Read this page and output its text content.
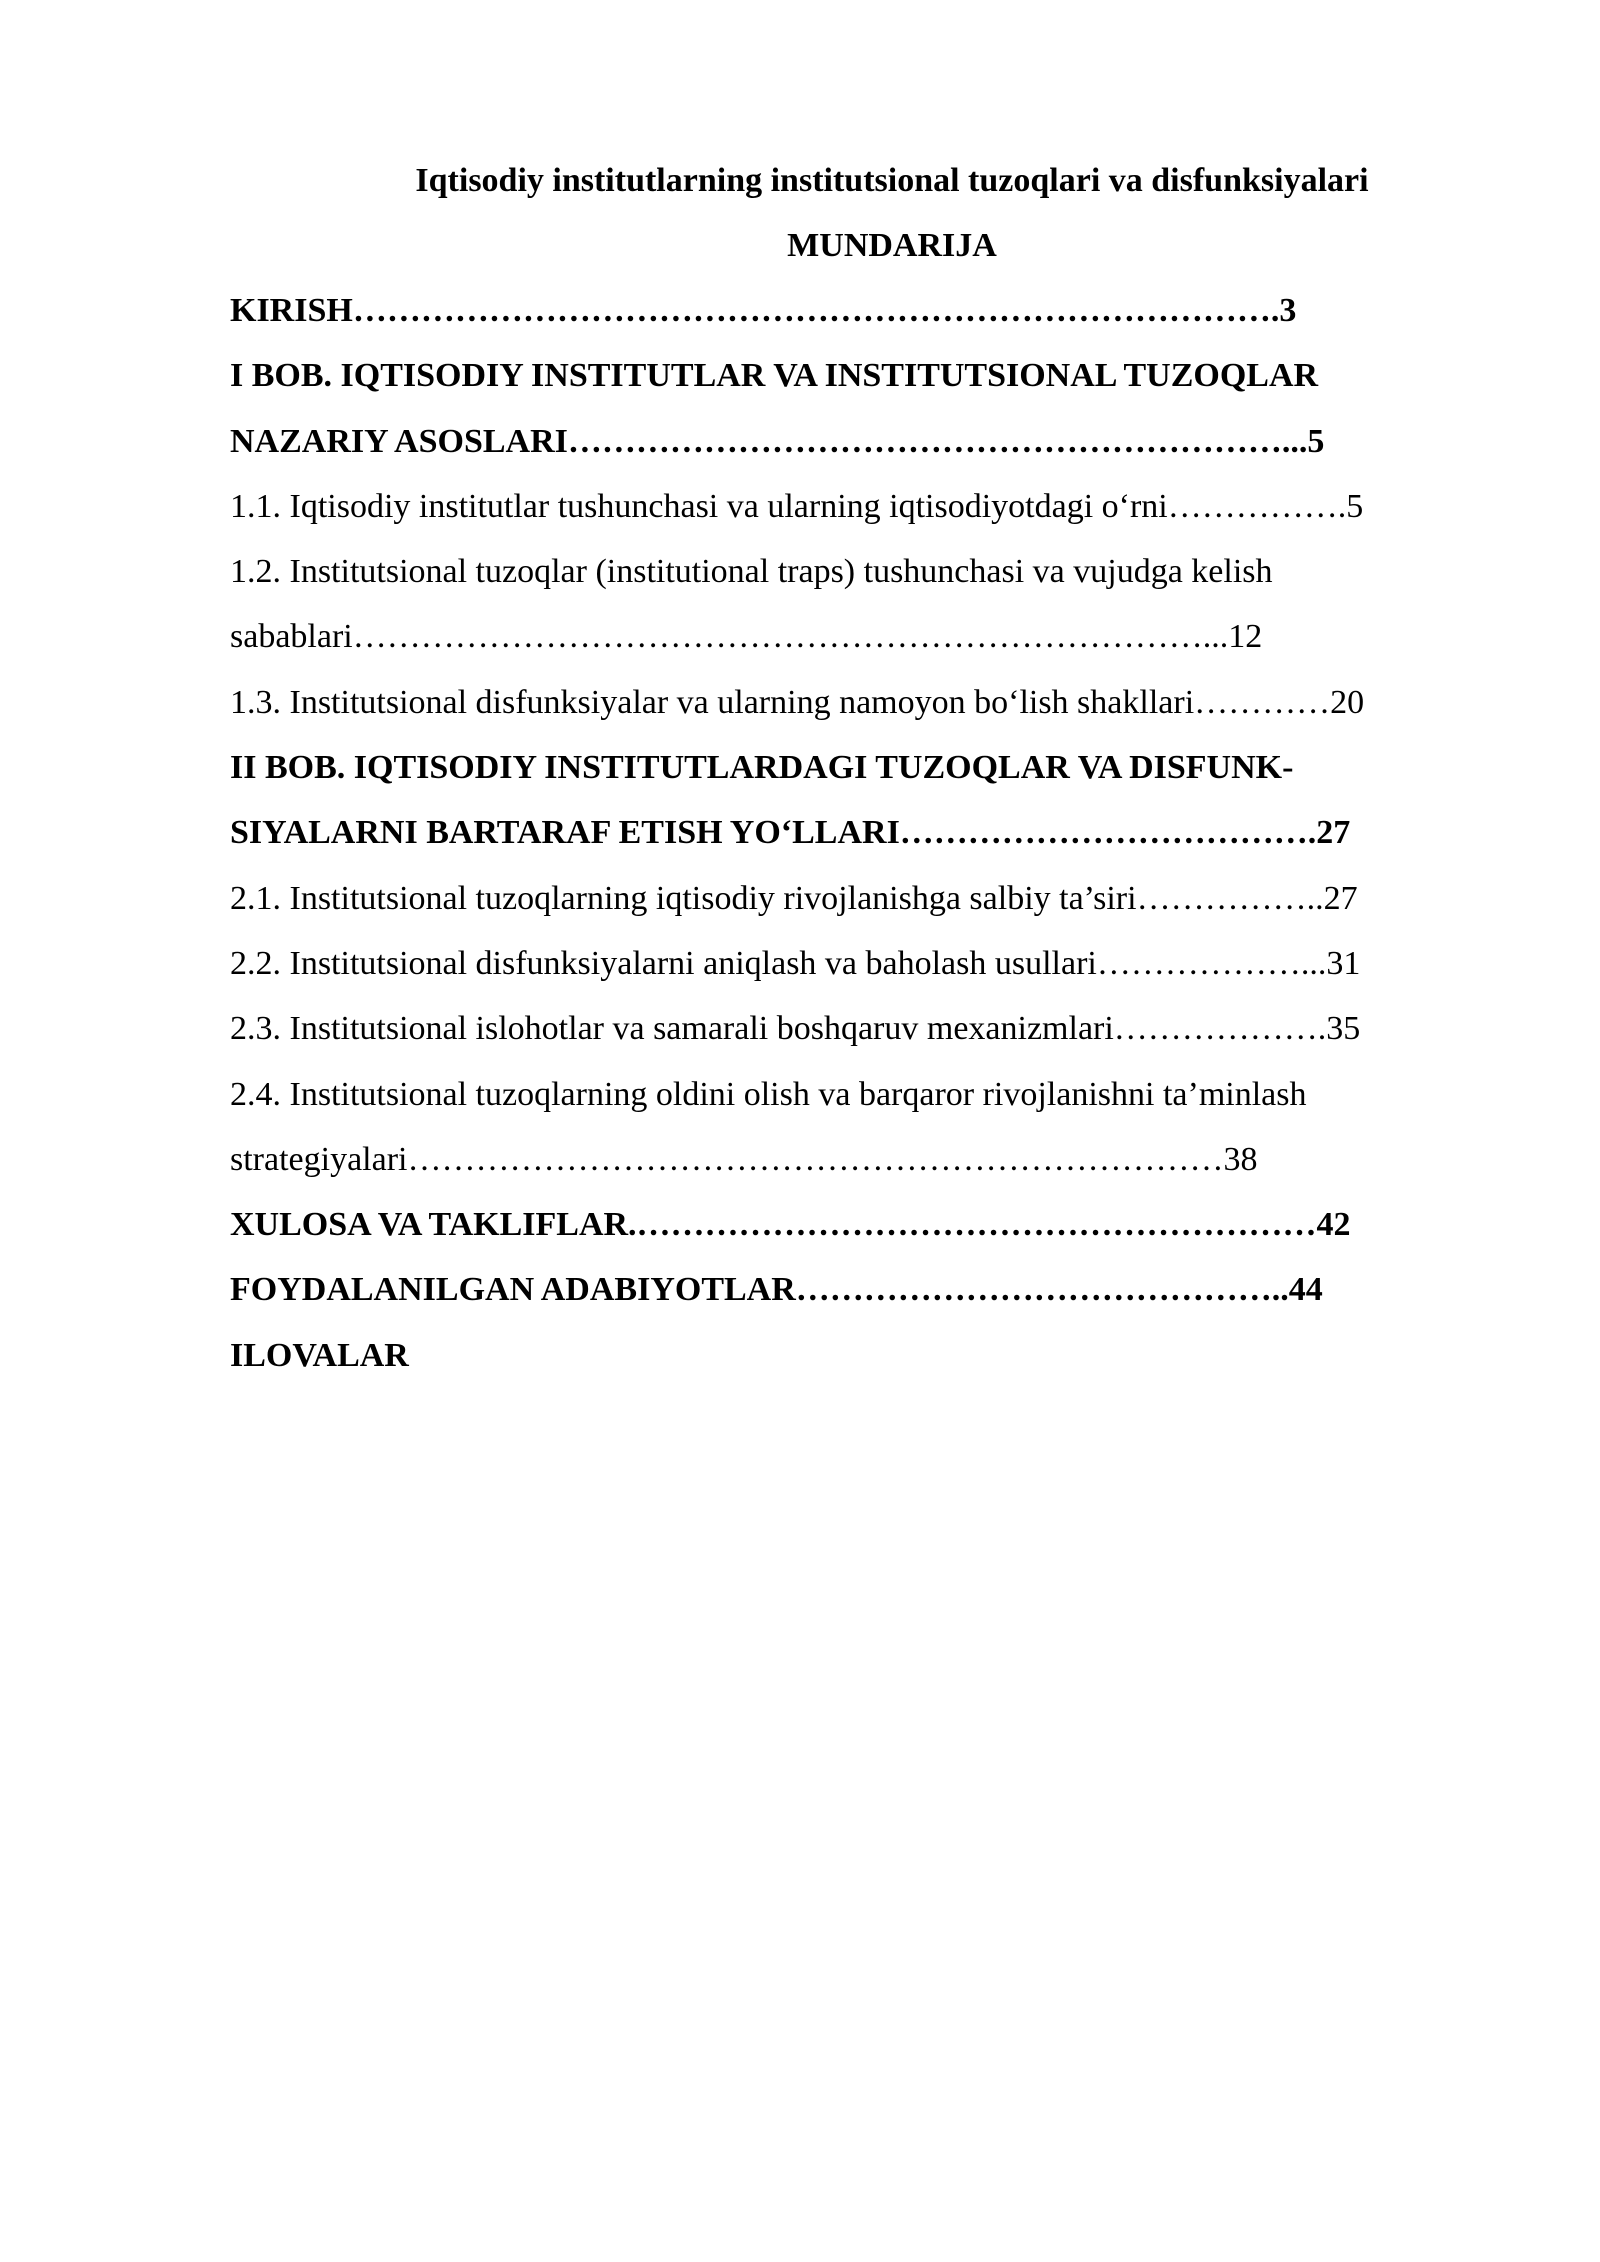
Iqtisodiy institutlarning institutsional tuzoqlari va disfunksiyalari
MUNDARIJA
KIRISH……………………………………………………………………….3
I BOB. IQTISODIY INSTITUTLAR VA INSTITUTSIONAL TUZOQLAR
NAZARIY ASOSLARI………………………………………………………...5
1.1. Iqtisodiy institutlar tushunchasi va ularning iqtisodiyotdagi o‘rni…………….5
1.2. Institutsional tuzoqlar (institutional traps) tushunchasi va vujudga kelish
sabablari…………………………………………………………………...12
1.3. Institutsional disfunksiyalar va ularning namoyon bo‘lish shakllari…………20
II BOB. IQTISODIY INSTITUTLARDAGI TUZOQLAR VA DISFUNK-
SIYALARNI BARTARAF ETISH YO‘LLARI……………………………….27
2.1. Institutsional tuzoqlarning iqtisodiy rivojlanishga salbiy ta’siri……………..27
2.2. Institutsional disfunksiyalarni aniqlash va baholash usullari………………...31
2.3. Institutsional islohotlar va samarali boshqaruv mexanizmlari……………….35
2.4. Institutsional tuzoqlarning oldini olish va barqaror rivojlanishni ta’minlash
strategiyalari………………………………………………………………38
XULOSA VA TAKLIFLAR.……………………………………………………42
FOYDALANILGAN ADABIYOTLAR……………………………………..44
ILOVALAR
